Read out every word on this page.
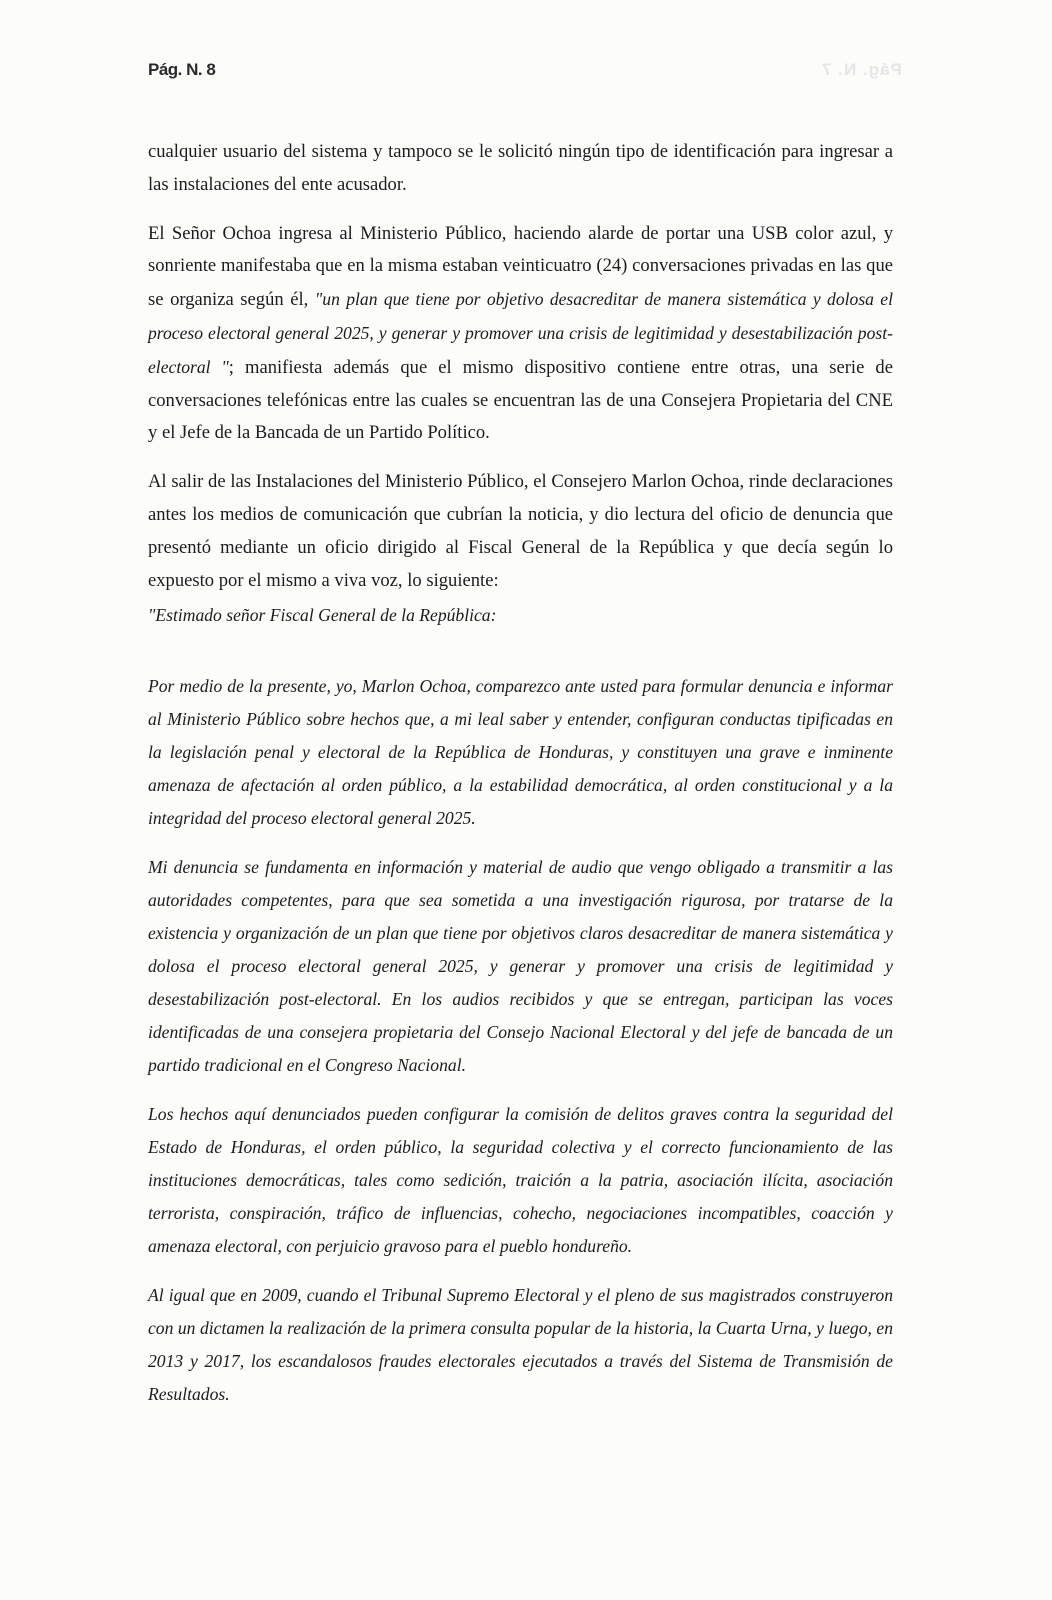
Pág. N. 7
Pág. N. 8

cualquier usuario del sistema y tampoco se le solicitó ningún tipo de identificación para ingresar a las instalaciones del ente acusador.

El Señor Ochoa ingresa al Ministerio Público, haciendo alarde de portar una USB color azul, y sonriente manifestaba que en la misma estaban veinticuatro (24) conversaciones privadas en las que se organiza según él, "un plan que tiene por objetivo desacreditar de manera sistemática y dolosa el proceso electoral general 2025, y generar y promover una crisis de legitimidad y desestabilización post-electoral "; manifiesta además que el mismo dispositivo contiene entre otras, una serie de conversaciones telefónicas entre las cuales se encuentran las de una Consejera Propietaria del CNE y el Jefe de la Bancada de un Partido Político.

Al salir de las Instalaciones del Ministerio Público, el Consejero Marlon Ochoa, rinde declaraciones antes los medios de comunicación que cubrían la noticia, y dio lectura del oficio de denuncia que presentó mediante un oficio dirigido al Fiscal General de la República y que decía según lo expuesto por el mismo a viva voz, lo siguiente:

"Estimado señor Fiscal General de la República:

Por medio de la presente, yo, Marlon Ochoa, comparezco ante usted para formular denuncia e informar al Ministerio Público sobre hechos que, a mi leal saber y entender, configuran conductas tipificadas en la legislación penal y electoral de la República de Honduras, y constituyen una grave e inminente amenaza de afectación al orden público, a la estabilidad democrática, al orden constitucional y a la integridad del proceso electoral general 2025.

Mi denuncia se fundamenta en información y material de audio que vengo obligado a transmitir a las autoridades competentes, para que sea sometida a una investigación rigurosa, por tratarse de la existencia y organización de un plan que tiene por objetivos claros desacreditar de manera sistemática y dolosa el proceso electoral general 2025, y generar y promover una crisis de legitimidad y desestabilización post-electoral. En los audios recibidos y que se entregan, participan las voces identificadas de una consejera propietaria del Consejo Nacional Electoral y del jefe de bancada de un partido tradicional en el Congreso Nacional.

Los hechos aquí denunciados pueden configurar la comisión de delitos graves contra la seguridad del Estado de Honduras, el orden público, la seguridad colectiva y el correcto funcionamiento de las instituciones democráticas, tales como sedición, traición a la patria, asociación ilícita, asociación terrorista, conspiración, tráfico de influencias, cohecho, negociaciones incompatibles, coacción y amenaza electoral, con perjuicio gravoso para el pueblo hondureño.

Al igual que en 2009, cuando el Tribunal Supremo Electoral y el pleno de sus magistrados construyeron con un dictamen la realización de la primera consulta popular de la historia, la Cuarta Urna, y luego, en 2013 y 2017, los escandalosos fraudes electorales ejecutados a través del Sistema de Transmisión de Resultados.
